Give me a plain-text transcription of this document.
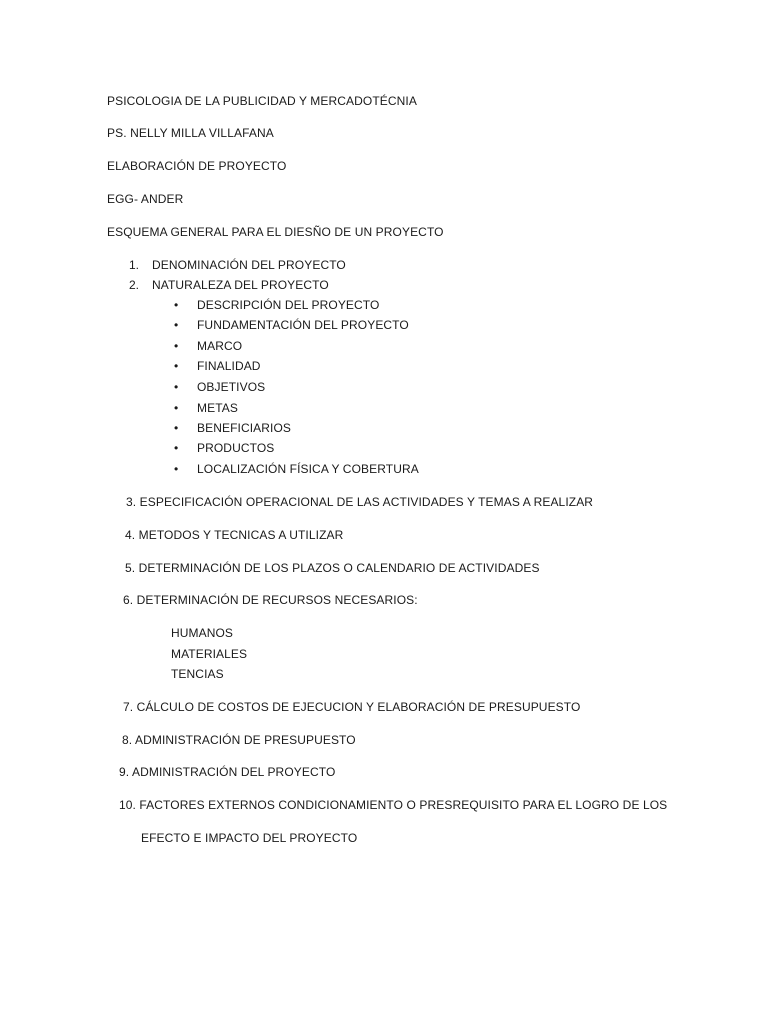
PSICOLOGIA DE LA PUBLICIDAD Y MERCADOTÉCNIA
PS. NELLY MILLA VILLAFANA
ELABORACIÓN DE PROYECTO
EGG- ANDER
ESQUEMA GENERAL PARA EL DIESÑO DE UN PROYECTO
1. DENOMINACIÓN DEL PROYECTO
2. NATURALEZA DEL PROYECTO
• DESCRIPCIÓN DEL PROYECTO
• FUNDAMENTACIÓN DEL PROYECTO
• MARCO
• FINALIDAD
• OBJETIVOS
• METAS
• BENEFICIARIOS
• PRODUCTOS
• LOCALIZACIÓN FÍSICA Y COBERTURA
3. ESPECIFICACIÓN OPERACIONAL DE LAS ACTIVIDADES Y TEMAS A REALIZAR
4. METODOS Y TECNICAS A UTILIZAR
5. DETERMINACIÓN DE LOS PLAZOS O CALENDARIO DE ACTIVIDADES
6. DETERMINACIÓN DE RECURSOS NECESARIOS:
HUMANOS
MATERIALES
TENCIAS
7. CÁLCULO DE COSTOS DE EJECUCION Y ELABORACIÓN DE PRESUPUESTO
8. ADMINISTRACIÓN DE PRESUPUESTO
9. ADMINISTRACIÓN DEL PROYECTO
10. FACTORES EXTERNOS CONDICIONAMIENTO O PRESREQUISITO PARA EL LOGRO DE LOS
EFECTO E IMPACTO DEL PROYECTO
